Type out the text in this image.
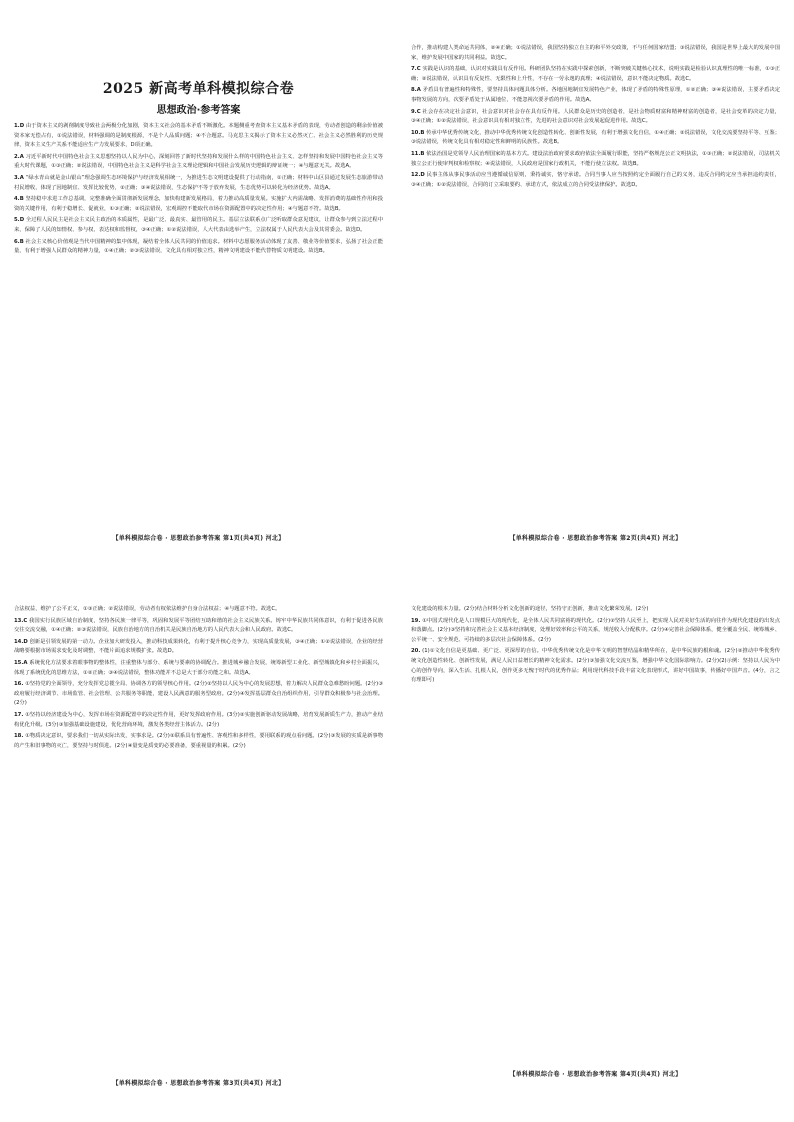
2025 新高考单科模拟综合卷
思想政治·参考答案
1.D 由于资本主义的剥削制度导致社会两极分化加剧，资本主义社会的基本矛盾不断激化。本题侧重考查资本主义基本矛盾的表现，劳动者创造的剩余价值被资本家无偿占有，①说法错误，材料强调的是制度根源，不是个人品质问题；④不合题意。马克思主义揭示了资本主义必然灭亡、社会主义必然胜利的历史规律，资本主义生产关系不能适应生产力发展要求，D项正确。
2.A 习近平新时代中国特色社会主义思想坚持以人民为中心，深刻回答了新时代坚持和发展什么样的中国特色社会主义、怎样坚持和发展中国特色社会主义等重大时代课题，①③正确；②说法错误，中国特色社会主义是科学社会主义理论逻辑和中国社会发展历史逻辑的辩证统一；④与题意无关。故选A。
3.A “绿水青山就是金山银山”理念强调生态环境保护与经济发展相统一，为推进生态文明建设提供了行动指南，①正确；材料中山区县通过发展生态旅游带动村民增收，体现了因地制宜、发挥比较优势，②正确；③④说法错误，生态保护不等于放弃发展，生态优势可以转化为经济优势。故选A。
4.B 坚持稳中求进工作总基调，完整准确全面贯彻新发展理念，加快构建新发展格局，着力推动高质量发展。实施扩大内需战略、发挥消费的基础性作用和投资的关键作用，有利于稳增长、促就业，①③正确；②说法错误，宏观调控不能取代市场在资源配置中的决定性作用；④与题意不符。故选B。
5.D 全过程人民民主是社会主义民主政治的本质属性，是最广泛、最真实、最管用的民主。基层立法联系点广泛听取群众意见建议，让群众参与到立法过程中来，保障了人民的知情权、参与权、表达权和监督权，③④正确；①②说法错误，人大代表由选举产生，立法权属于人民代表大会及其常委会。故选D。
6.B 社会主义核心价值观是当代中国精神的集中体现，凝结着全体人民共同的价值追求。材料中志愿服务活动体现了友善、敬业等价值要求，弘扬了社会正能量，有利于增强人民群众的精神力量，①④正确；②③说法错误，文化具有相对独立性，精神文明建设不能代替物质文明建设。故选B。
【单科模拟综合卷 · 思想政治参考答案 第1页(共4页) 河北】
合作，推动构建人类命运共同体，②④正确；①说法错误，我国坚持独立自主的和平外交政策，不与任何国家结盟；③说法错误，我国是世界上最大的发展中国家，维护发展中国家的共同利益。故选C。
7.C 实践是认识的基础，认识对实践具有反作用。科研团队坚持在实践中探索创新，不断突破关键核心技术，说明实践是检验认识真理性的唯一标准，①③正确；②说法错误，认识具有反复性、无限性和上升性，不存在一劳永逸的真理；④说法错误，意识不能决定物质。故选C。
8.A 矛盾具有普遍性和特殊性，要坚持具体问题具体分析。各地因地制宜发展特色产业，体现了矛盾的特殊性原理，①②正确；③④说法错误，主要矛盾决定事物发展的方向，次要矛盾处于从属地位，不能忽视次要矛盾的作用。故选A。
9.C 社会存在决定社会意识，社会意识对社会存在具有反作用。人民群众是历史的创造者，是社会物质财富和精神财富的创造者，是社会变革的决定力量，③④正确；①②说法错误，社会意识具有相对独立性，先进的社会意识对社会发展起促进作用。故选C。
10.B 传承中华优秀传统文化，推动中华优秀传统文化创造性转化、创新性发展，有利于增强文化自信，①④正确；②说法错误，文化交流要坚持平等、互鉴；③说法错误，传统文化具有相对稳定性和鲜明的民族性。故选B。
11.B 依法治国是党领导人民治理国家的基本方式。建设法治政府要求政府依法全面履行职能，坚持严格规范公正文明执法，①③正确；②说法错误，司法机关独立公正行使审判权和检察权；④说法错误，人民政府是国家行政机关，不能行使立法权。故选B。
12.D 民事主体从事民事活动应当遵循诚信原则，秉持诚实，恪守承诺。合同当事人应当按照约定全面履行自己的义务，违反合同约定应当承担违约责任，③④正确；①②说法错误，合同的订立采取要约、承诺方式，依法成立的合同受法律保护。故选D。
【单科模拟综合卷 · 思想政治参考答案 第2页(共4页) 河北】
合法权益，维护了公平正义，①③正确；②说法错误，劳动者有权依法维护自身合法权益；④与题意不符。故选C。
13.C 我国实行民族区域自治制度，坚持各民族一律平等，巩固和发展平等团结互助和谐的社会主义民族关系。铸牢中华民族共同体意识，有利于促进各民族交往交流交融，①④正确；②③说法错误，民族自治地方的自治机关是民族自治地方的人民代表大会和人民政府。故选C。
14.D 创新是引领发展的第一动力。企业加大研发投入，推动科技成果转化，有利于提升核心竞争力，实现高质量发展，③④正确；①②说法错误，企业的经营战略要根据市场需求变化及时调整，不能片面追求规模扩张。故选D。
15.A 系统优化方法要求着眼事物的整体性，注重整体与部分、系统与要素的协调配合。推进城乡融合发展，统筹新型工业化、新型城镇化和乡村全面振兴，体现了系统优化的思维方法，①②正确；③④说法错误，整体功能并不总是大于部分功能之和。故选A。
16. ①坚持党的全面领导，充分发挥党总揽全局、协调各方的领导核心作用。(2分)②坚持以人民为中心的发展思想，着力解决人民群众急难愁盼问题。(2分)③政府履行经济调节、市场监管、社会管理、公共服务等职能，建设人民满意的服务型政府。(2分)④发挥基层群众自治组织作用，引导群众积极参与社会治理。(2分)
17. ①坚持以经济建设为中心，发挥市场在资源配置中的决定性作用，更好发挥政府作用。(3分)②实施创新驱动发展战略，培育发展新质生产力，推动产业结构优化升级。(3分)③加强基础设施建设，优化营商环境，激发各类经营主体活力。(2分)
18. ①物质决定意识，要求我们一切从实际出发，实事求是。(2分)②联系具有普遍性、客观性和多样性，要用联系的观点看问题。(2分)③发展的实质是新事物的产生和旧事物的灭亡，要坚持与时俱进。(2分)④量变是质变的必要准备，要重视量的积累。(2分)
【单科模拟综合卷 · 思想政治参考答案 第3页(共4页) 河北】
文化建设的根本力量。(2分)结合材料分析文化创新的途径，坚持守正创新，推动文化繁荣发展。(2分)
19. ①中国式现代化是人口规模巨大的现代化，是全体人民共同富裕的现代化。(2分)②坚持人民至上，把实现人民对美好生活的向往作为现代化建设的出发点和落脚点。(2分)③坚持和完善社会主义基本经济制度，处理好效率和公平的关系，规范收入分配秩序。(2分)④完善社会保障体系，健全覆盖全民、统筹城乡、公平统一、安全规范、可持续的多层次社会保障体系。(2分)
20. (1)①文化自信是更基础、更广泛、更深厚的自信。中华优秀传统文化是中华文明的智慧结晶和精华所在，是中华民族的根和魂。(2分)②推动中华优秀传统文化创造性转化、创新性发展，满足人民日益增长的精神文化需求。(2分)③加强文化交流互鉴，增强中华文化国际影响力。(2分)(2)示例：坚持以人民为中心的创作导向，深入生活、扎根人民，创作更多无愧于时代的优秀作品；利用现代科技手段丰富文化表现形式，讲好中国故事，传播好中国声音。(4分，言之有理即可)
【单科模拟综合卷 · 思想政治参考答案 第4页(共4页) 河北】
